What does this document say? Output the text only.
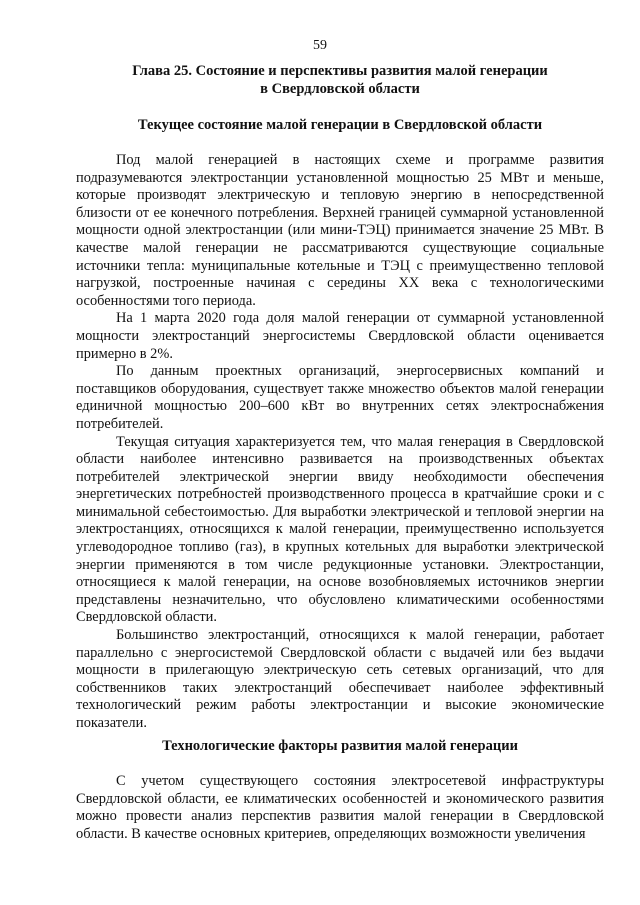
59
Глава 25. Состояние и перспективы развития малой генерации
в Свердловской области
Текущее состояние малой генерации в Свердловской области

Под малой генерацией в настоящих схеме и программе развития подразумеваются электростанции установленной мощностью 25 МВт и меньше, которые производят электрическую и тепловую энергию в непосредственной близости от ее конечного потребления. Верхней границей суммарной установленной мощности одной электростанции (или мини-ТЭЦ) принимается значение 25 МВт. В качестве малой генерации не рассматриваются существующие социальные источники тепла: муниципальные котельные и ТЭЦ с преимущественно тепловой нагрузкой, построенные начиная с середины XX века с технологическими особенностями того периода.

На 1 марта 2020 года доля малой генерации от суммарной установленной мощности электростанций энергосистемы Свердловской области оценивается примерно в 2%.

По данным проектных организаций, энергосервисных компаний и поставщиков оборудования, существует также множество объектов малой генерации единичной мощностью 200–600 кВт во внутренних сетях электроснабжения потребителей.

Текущая ситуация характеризуется тем, что малая генерация в Свердловской области наиболее интенсивно развивается на производственных объектах потребителей электрической энергии ввиду необходимости обеспечения энергетических потребностей производственного процесса в кратчайшие сроки и с минимальной себестоимостью. Для выработки электрической и тепловой энергии на электростанциях, относящихся к малой генерации, преимущественно используется углеводородное топливо (газ), в крупных котельных для выработки электрической энергии применяются в том числе редукционные установки. Электростанции, относящиеся к малой генерации, на основе возобновляемых источников энергии представлены незначительно, что обусловлено климатическими особенностями Свердловской области.

Большинство электростанций, относящихся к малой генерации, работает параллельно с энергосистемой Свердловской области с выдачей или без выдачи мощности в прилегающую электрическую сеть сетевых организаций, что для собственников таких электростанций обеспечивает наиболее эффективный технологический режим работы электростанции и высокие экономические показатели.

Технологические факторы развития малой генерации

С учетом существующего состояния электросетевой инфраструктуры Свердловской области, ее климатических особенностей и экономического развития можно провести анализ перспектив развития малой генерации в Свердловской области. В качестве основных критериев, определяющих возможности увеличения
